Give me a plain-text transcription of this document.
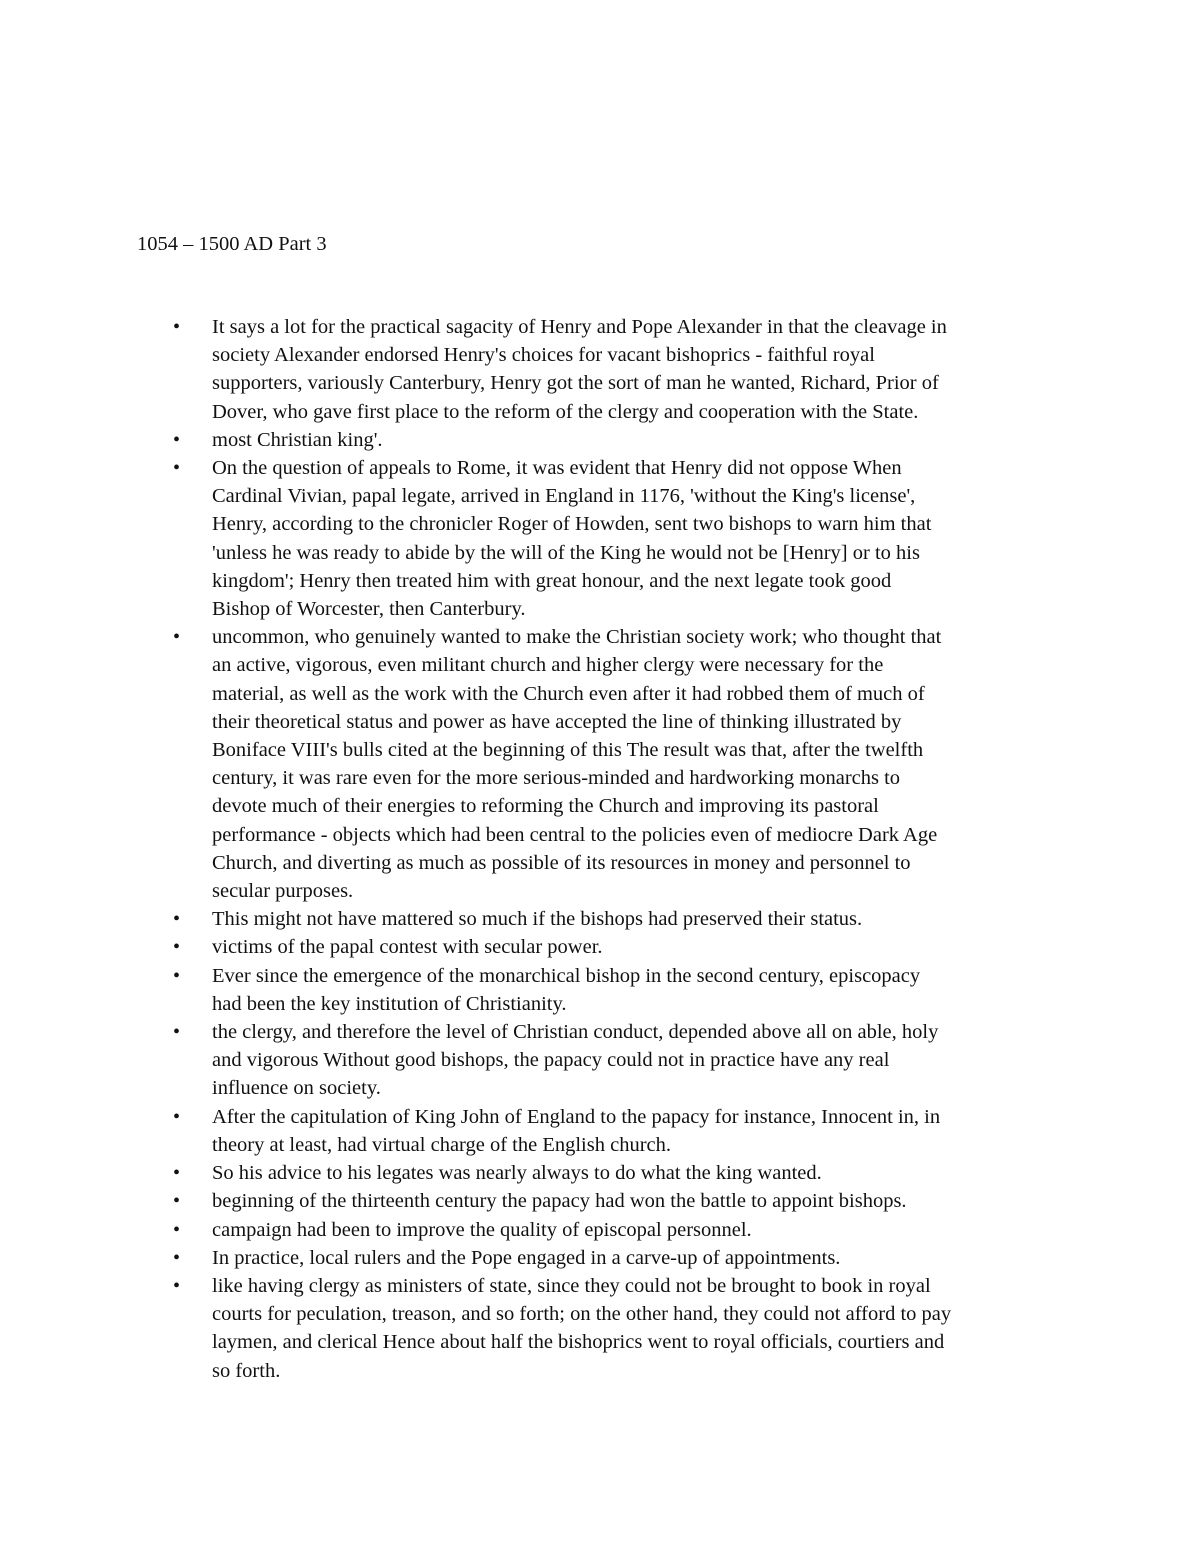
1054 – 1500 AD Part 3
• It says a lot for the practical sagacity of Henry and Pope Alexander in that the cleavage in
society Alexander endorsed Henry's choices for vacant bishoprics - faithful royal
supporters, variously Canterbury, Henry got the sort of man he wanted, Richard, Prior of
Dover, who gave first place to the reform of the clergy and cooperation with the State.
• most Christian king'.
• On the question of appeals to Rome, it was evident that Henry did not oppose When
Cardinal Vivian, papal legate, arrived in England in 1176, 'without the King's license',
Henry, according to the chronicler Roger of Howden, sent two bishops to warn him that
'unless he was ready to abide by the will of the King he would not be [Henry] or to his
kingdom'; Henry then treated him with great honour, and the next legate took good
Bishop of Worcester, then Canterbury.
• uncommon, who genuinely wanted to make the Christian society work; who thought that
an active, vigorous, even militant church and higher clergy were necessary for the
material, as well as the work with the Church even after it had robbed them of much of
their theoretical status and power as have accepted the line of thinking illustrated by
Boniface VIII's bulls cited at the beginning of this The result was that, after the twelfth
century, it was rare even for the more serious-minded and hardworking monarchs to
devote much of their energies to reforming the Church and improving its pastoral
performance - objects which had been central to the policies even of mediocre Dark Age
Church, and diverting as much as possible of its resources in money and personnel to
secular purposes.
• This might not have mattered so much if the bishops had preserved their status.
• victims of the papal contest with secular power.
• Ever since the emergence of the monarchical bishop in the second century, episcopacy
had been the key institution of Christianity.
• the clergy, and therefore the level of Christian conduct, depended above all on able, holy
and vigorous Without good bishops, the papacy could not in practice have any real
influence on society.
• After the capitulation of King John of England to the papacy for instance, Innocent in, in
theory at least, had virtual charge of the English church.
• So his advice to his legates was nearly always to do what the king wanted.
• beginning of the thirteenth century the papacy had won the battle to appoint bishops.
• campaign had been to improve the quality of episcopal personnel.
• In practice, local rulers and the Pope engaged in a carve-up of appointments.
• like having clergy as ministers of state, since they could not be brought to book in royal
courts for peculation, treason, and so forth; on the other hand, they could not afford to pay
laymen, and clerical Hence about half the bishoprics went to royal officials, courtiers and
so forth.
